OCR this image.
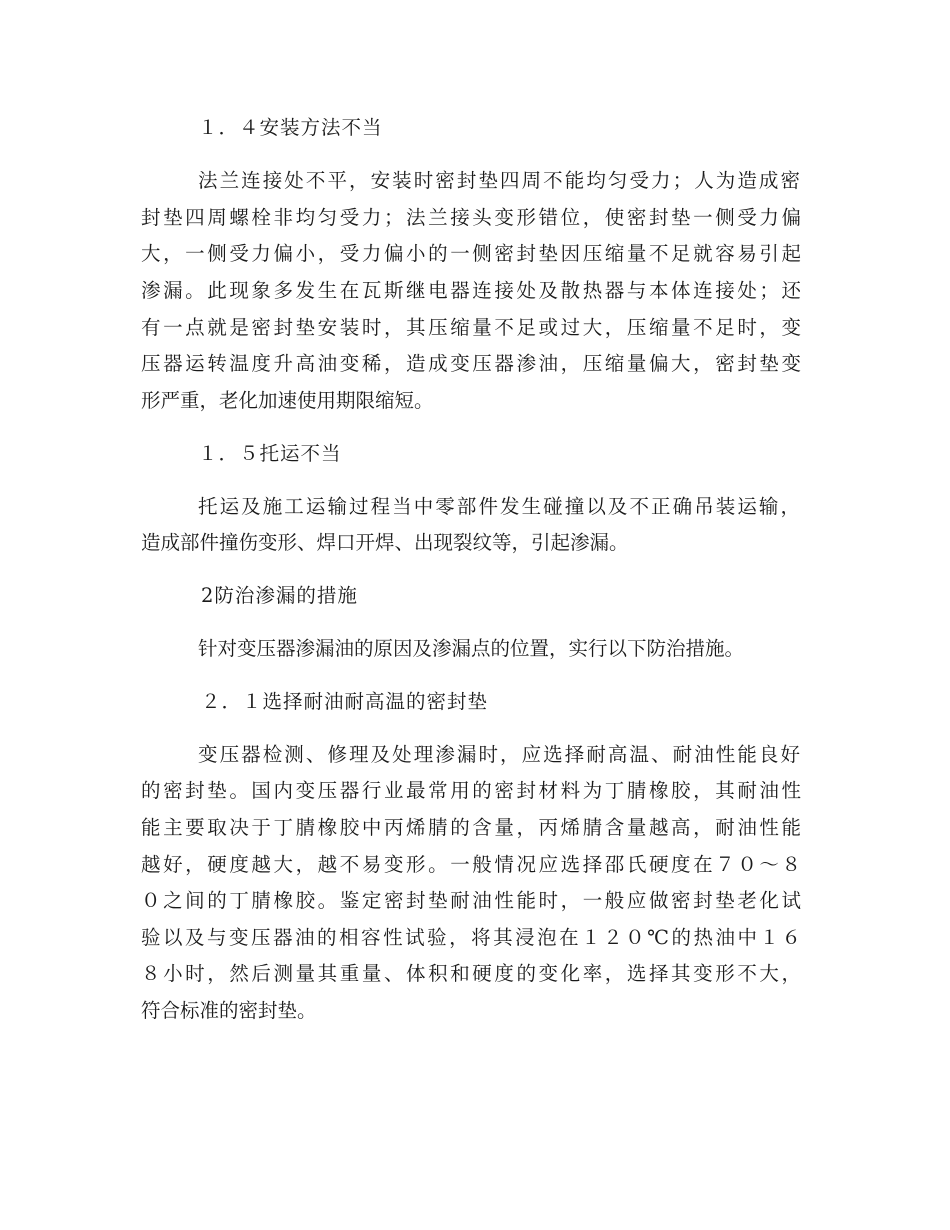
１．４安装方法不当

法兰连接处不平，安装时密封垫四周不能均匀受力；人为造成密

封垫四周螺栓非均匀受力；法兰接头变形错位，使密封垫一侧受力偏

大，一侧受力偏小，受力偏小的一侧密封垫因压缩量不足就容易引起

渗漏。此现象多发生在瓦斯继电器连接处及散热器与本体连接处；还

有一点就是密封垫安装时，其压缩量不足或过大，压缩量不足时，变

压器运转温度升高油变稀，造成变压器渗油，压缩量偏大，密封垫变

形严重，老化加速使用期限缩短。

１．５托运不当

托运及施工运输过程当中零部件发生碰撞以及不正确吊装运输，

造成部件撞伤变形、焊口开焊、出现裂纹等，引起渗漏。

2防治渗漏的措施

针对变压器渗漏油的原因及渗漏点的位置，实行以下防治措施。

２．１选择耐油耐高温的密封垫

变压器检测、修理及处理渗漏时，应选择耐高温、耐油性能良好

的密封垫。国内变压器行业最常用的密封材料为丁腈橡胶，其耐油性

能主要取决于丁腈橡胶中丙烯腈的含量，丙烯腈含量越高，耐油性能

越好，硬度越大，越不易变形。一般情况应选择邵氏硬度在７０～８

０之间的丁腈橡胶。鉴定密封垫耐油性能时，一般应做密封垫老化试

验以及与变压器油的相容性试验，将其浸泡在１２０℃的热油中１６

８小时，然后测量其重量、体积和硬度的变化率，选择其变形不大，

符合标准的密封垫。
